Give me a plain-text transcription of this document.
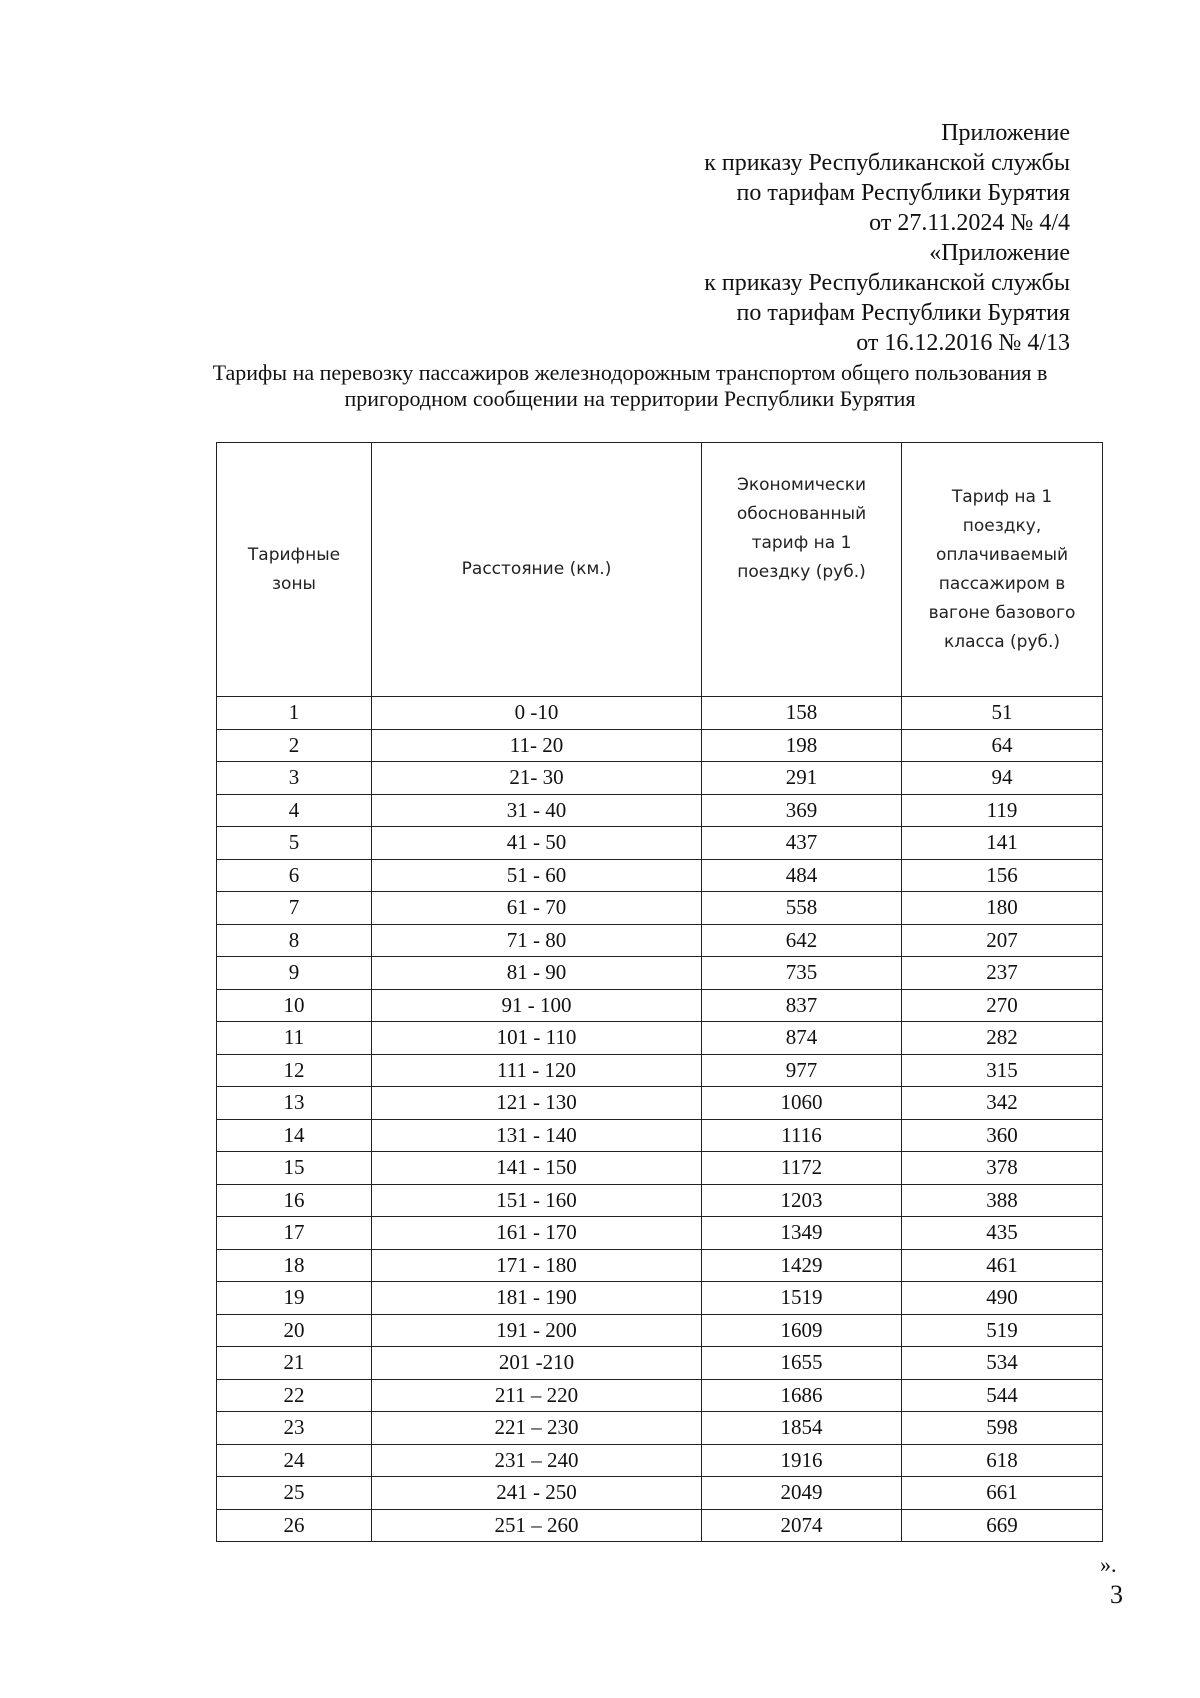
Приложение
к приказу Республиканской службы
по тарифам Республики Бурятия
от 27.11.2024 № 4/4
«Приложение
к приказу Республиканской службы
по тарифам Республики Бурятия
от 16.12.2016 № 4/13
Тарифы на перевозку пассажиров железнодорожным транспортом общего пользования в
пригородном сообщении на территории Республики Бурятия
Тарифные зоны	Расстояние (км.)	Экономически обоснованный тариф на 1 поездку (руб.)	Тариф на 1 поездку, оплачиваемый пассажиром в вагоне базового класса (руб.)
1	0 -10	158	51
2	11- 20	198	64
3	21- 30	291	94
4	31 - 40	369	119
5	41 - 50	437	141
6	51 - 60	484	156
7	61 - 70	558	180
8	71 - 80	642	207
9	81 - 90	735	237
10	91 - 100	837	270
11	101 - 110	874	282
12	111 - 120	977	315
13	121 - 130	1060	342
14	131 - 140	1116	360
15	141 - 150	1172	378
16	151 - 160	1203	388
17	161 - 170	1349	435
18	171 - 180	1429	461
19	181 - 190	1519	490
20	191 - 200	1609	519
21	201 -210	1655	534
22	211 – 220	1686	544
23	221 – 230	1854	598
24	231 – 240	1916	618
25	241 - 250	2049	661
26	251 – 260	2074	669
».
3
